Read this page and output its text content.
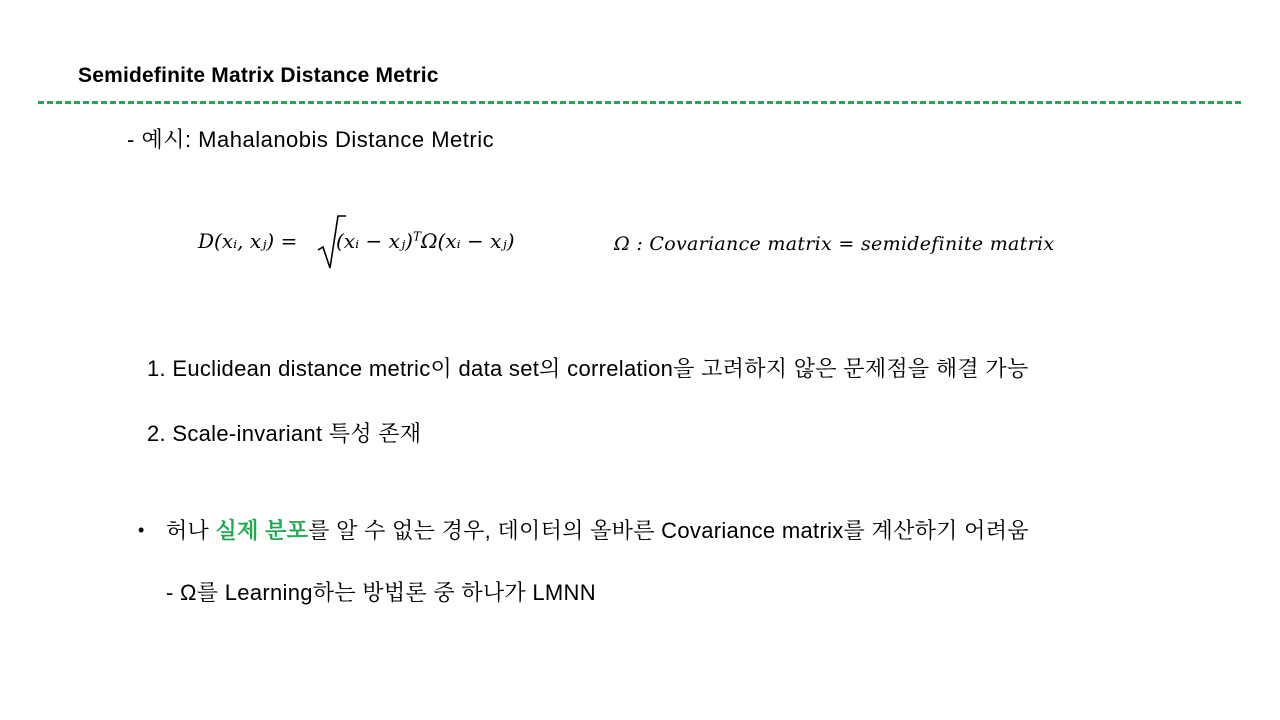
Semidefinite Matrix Distance Metric
- 예시: Mahalanobis Distance Metric
D(xᵢ, xⱼ) = (xᵢ − xⱼ)$^T$Ω(xᵢ − xⱼ)	Ω : Covariance matrix = semidefinite matrix
1. Euclidean distance metric이 data set의 correlation을 고려하지 않은 문제점을 해결 가능
2. Scale-invariant 특성 존재
• 허나 실제 분포를 알 수 없는 경우, 데이터의 올바른 Covariance matrix를 계산하기 어려움
- Ω를 Learning하는 방법론 중 하나가 LMNN
